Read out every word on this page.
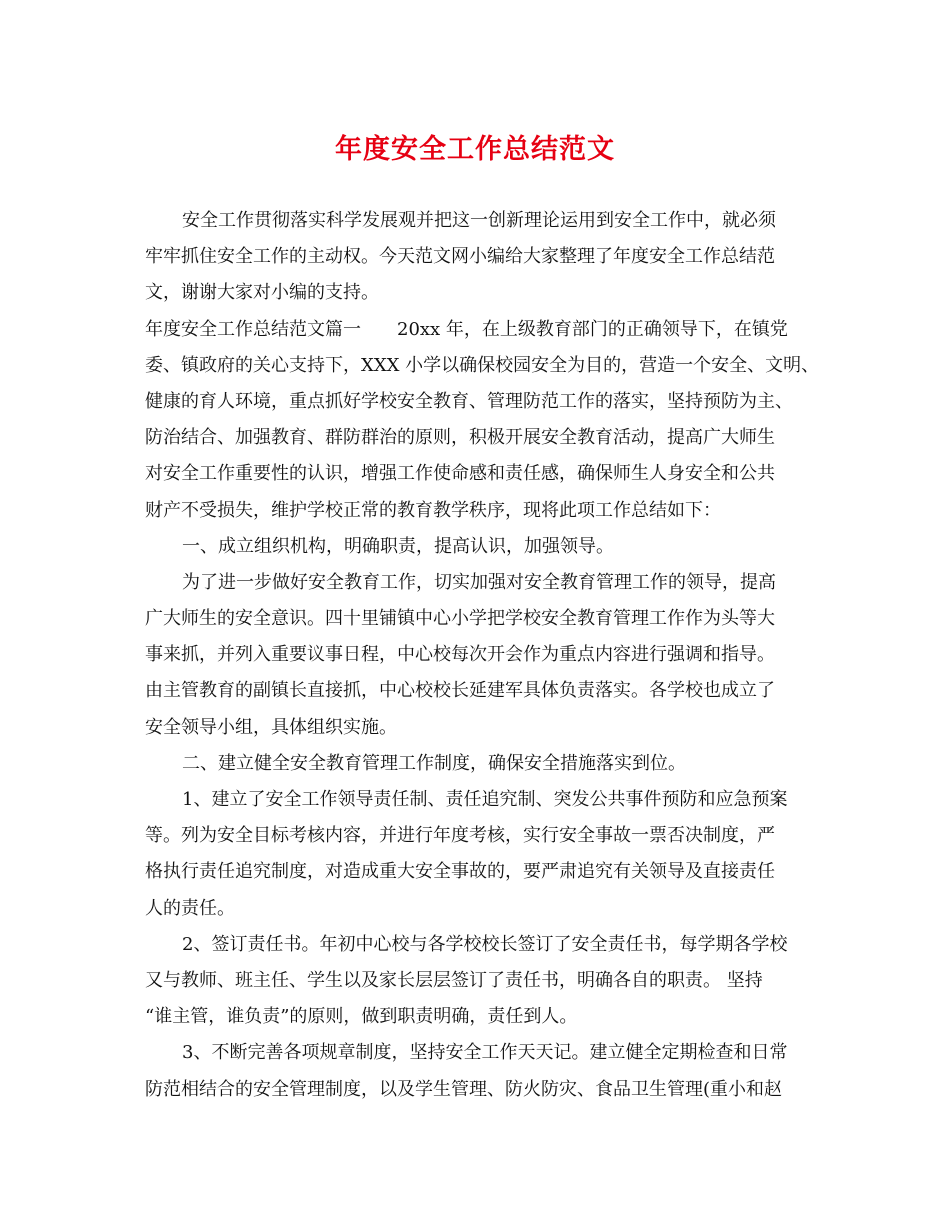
年度安全工作总结范文
安全工作贯彻落实科学发展观并把这一创新理论运用到安全工作中，就必须
牢牢抓住安全工作的主动权。今天范文网小编给大家整理了年度安全工作总结范
文，谢谢大家对小编的支持。
年度安全工作总结范文篇一 20xx 年，在上级教育部门的正确领导下，在镇党
委、镇政府的关心支持下，XXX 小学以确保校园安全为目的，营造一个安全、文明、
健康的育人环境，重点抓好学校安全教育、管理防范工作的落实，坚持预防为主、
防治结合、加强教育、群防群治的原则，积极开展安全教育活动，提高广大师生
对安全工作重要性的认识，增强工作使命感和责任感，确保师生人身安全和公共
财产不受损失，维护学校正常的教育教学秩序，现将此项工作总结如下：
一、成立组织机构，明确职责，提高认识，加强领导。
为了进一步做好安全教育工作，切实加强对安全教育管理工作的领导，提高
广大师生的安全意识。四十里铺镇中心小学把学校安全教育管理工作作为头等大
事来抓，并列入重要议事日程，中心校每次开会作为重点内容进行强调和指导。
由主管教育的副镇长直接抓，中心校校长延建军具体负责落实。各学校也成立了
安全领导小组，具体组织实施。
二、建立健全安全教育管理工作制度，确保安全措施落实到位。
1、建立了安全工作领导责任制、责任追究制、突发公共事件预防和应急预案
等。列为安全目标考核内容，并进行年度考核，实行安全事故一票否决制度，严
格执行责任追究制度，对造成重大安全事故的，要严肃追究有关领导及直接责任
人的责任。
2、签订责任书。年初中心校与各学校校长签订了安全责任书，每学期各学校
又与教师、班主任、学生以及家长层层签订了责任书，明确各自的职责。 坚持
“谁主管，谁负责”的原则，做到职责明确，责任到人。
3、不断完善各项规章制度，坚持安全工作天天记。建立健全定期检查和日常
防范相结合的安全管理制度，以及学生管理、防火防灾、食品卫生管理(重小和赵
